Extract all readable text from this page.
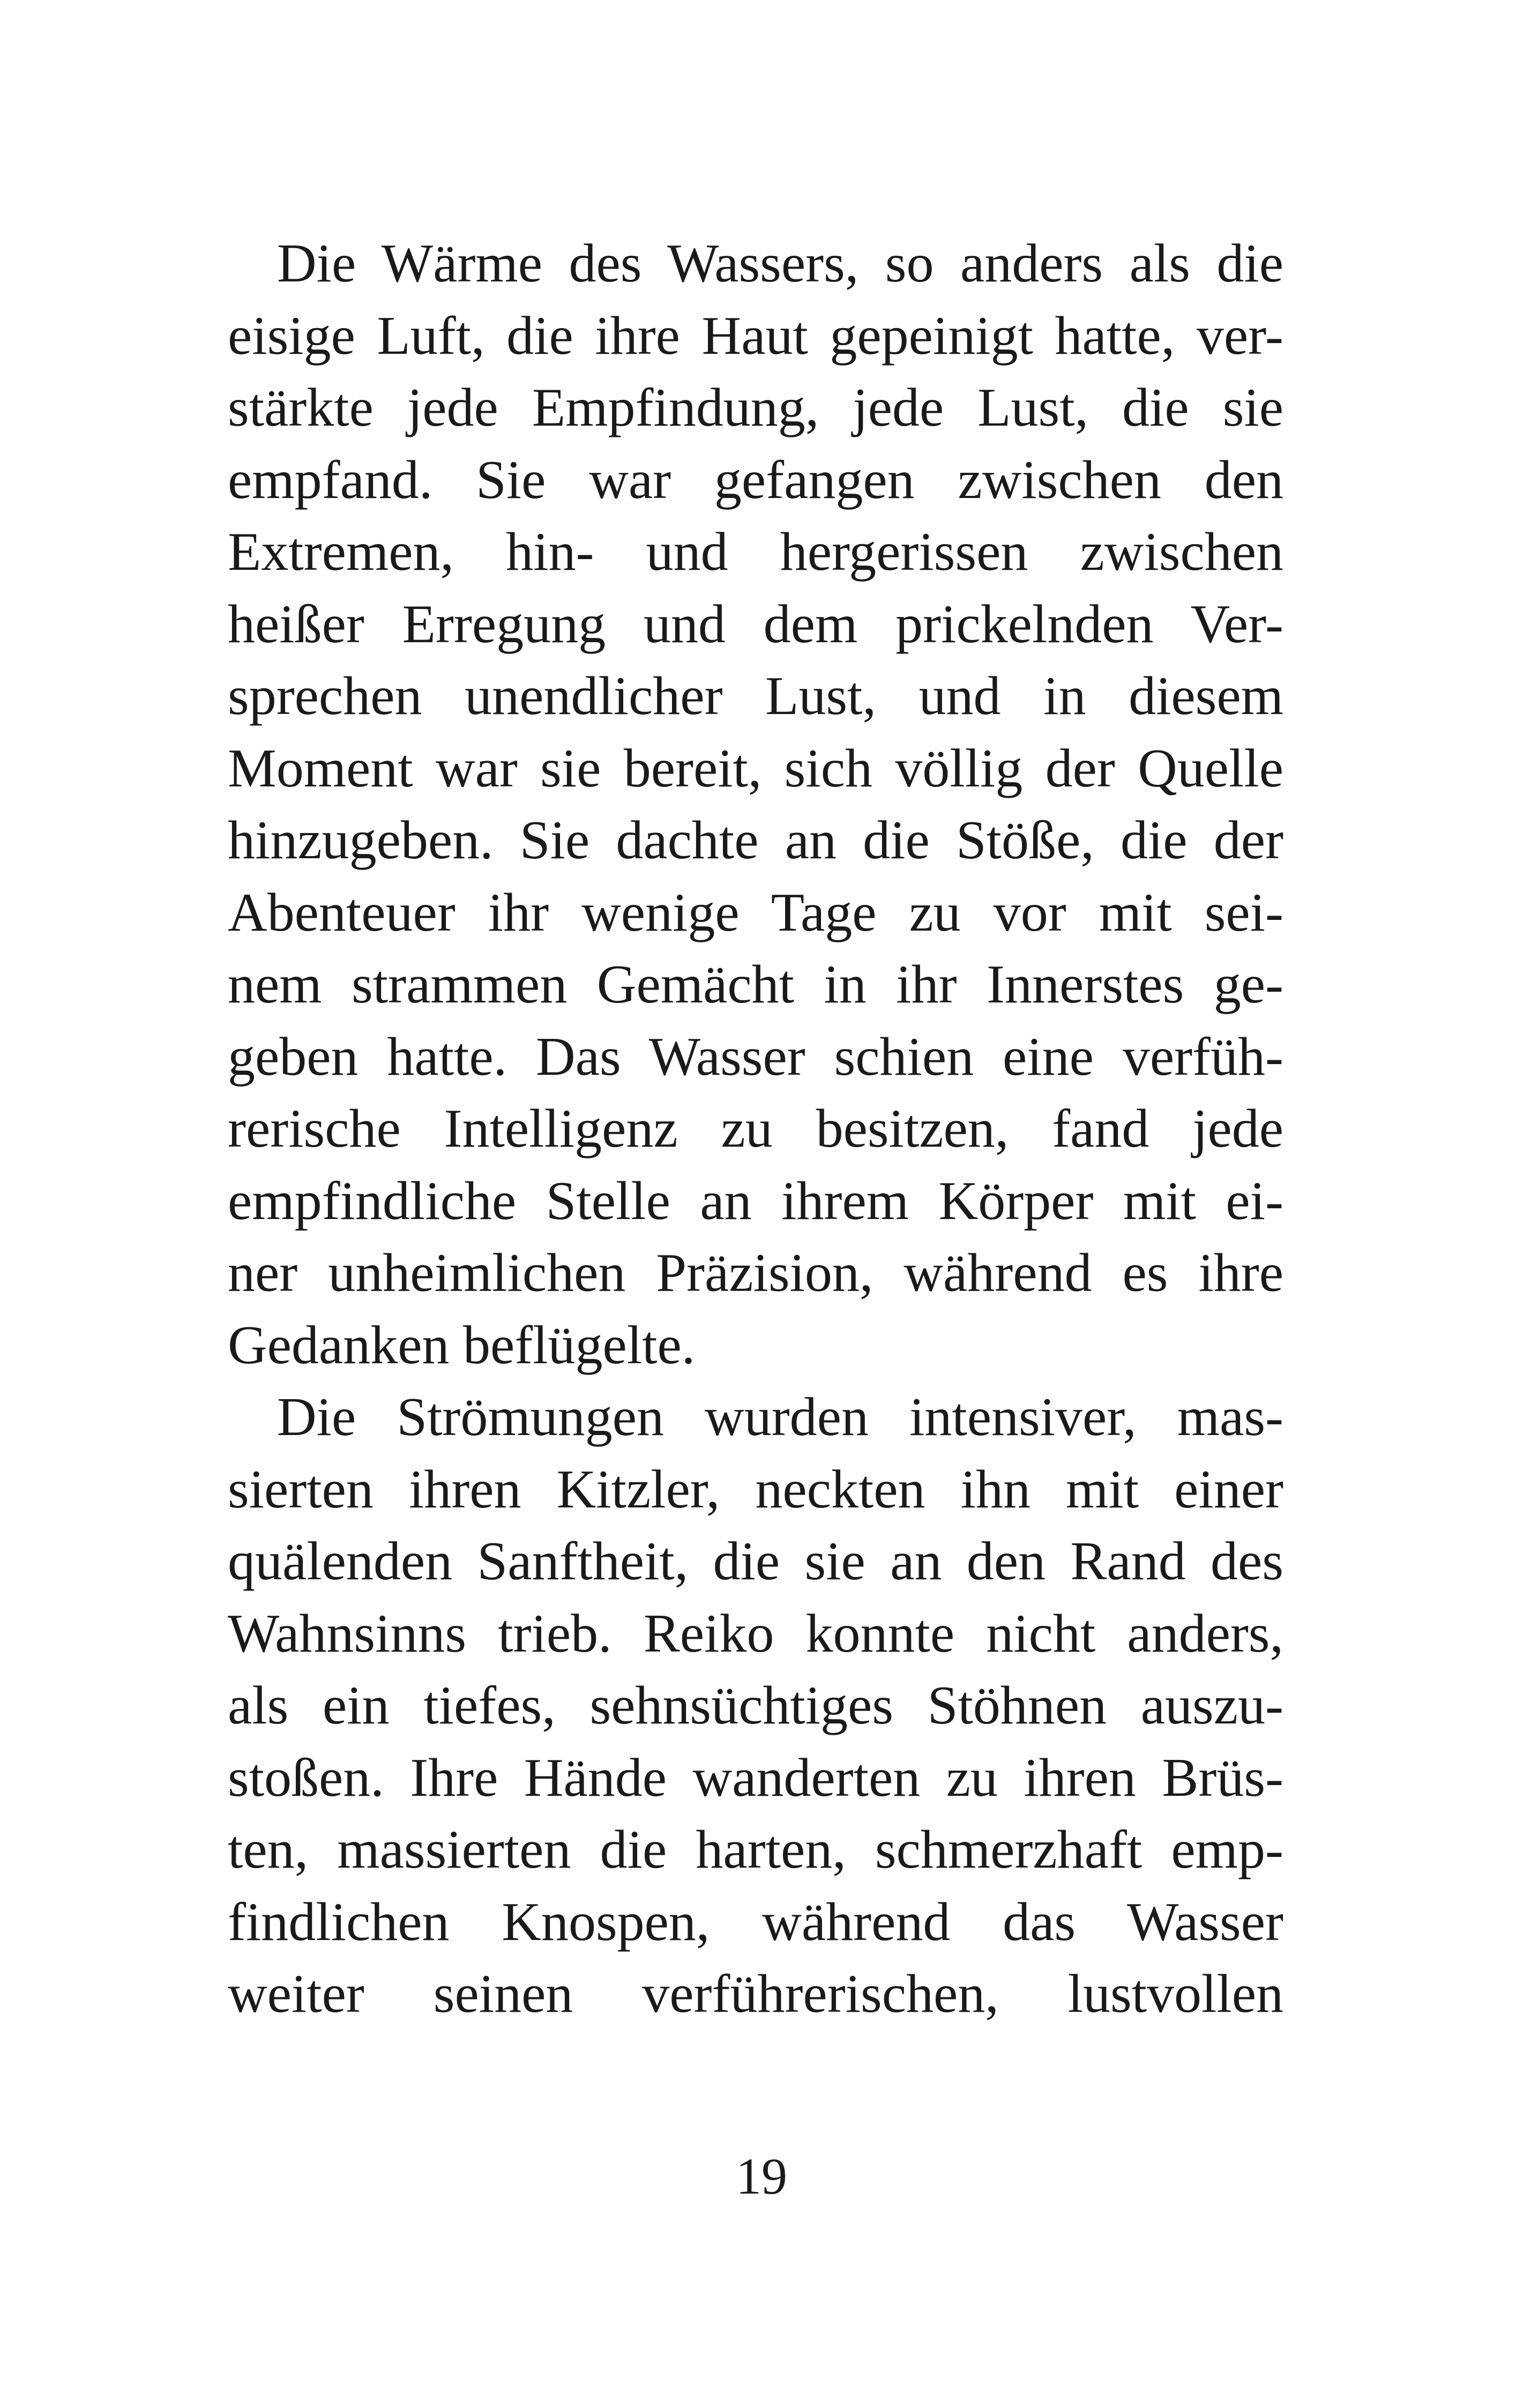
Die Wärme des Wassers, so anders als die
eisige Luft, die ihre Haut gepeinigt hatte, ver-
stärkte jede Empfindung, jede Lust, die sie
empfand. Sie war gefangen zwischen den
Extremen, hin- und hergerissen zwischen
heißer Erregung und dem prickelnden Ver-
sprechen unendlicher Lust, und in diesem
Moment war sie bereit, sich völlig der Quelle
hinzugeben. Sie dachte an die Stöße, die der
Abenteuer ihr wenige Tage zu vor mit sei-
nem strammen Gemächt in ihr Innerstes ge-
geben hatte. Das Wasser schien eine verfüh-
rerische Intelligenz zu besitzen, fand jede
empfindliche Stelle an ihrem Körper mit ei-
ner unheimlichen Präzision, während es ihre
Gedanken beflügelte.
Die Strömungen wurden intensiver, mas-
sierten ihren Kitzler, neckten ihn mit einer
quälenden Sanftheit, die sie an den Rand des
Wahnsinns trieb. Reiko konnte nicht anders,
als ein tiefes, sehnsüchtiges Stöhnen auszu-
stoßen. Ihre Hände wanderten zu ihren Brüs-
ten, massierten die harten, schmerzhaft emp-
findlichen Knospen, während das Wasser
weiter seinen verführerischen, lustvollen
19
